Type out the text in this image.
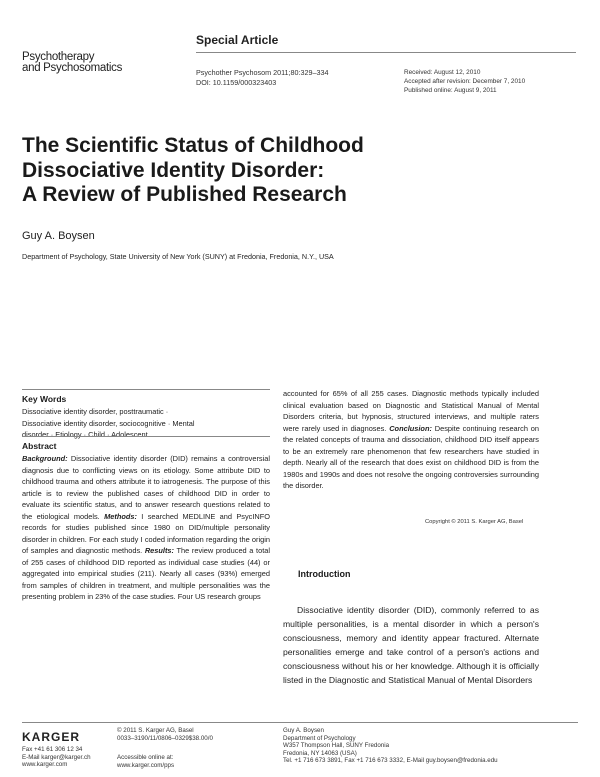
Psychotherapy
and Psychosomatics
Special Article
Psychother Psychosom 2011;80:329–334
DOI: 10.1159/000323403
Received: August 12, 2010
Accepted after revision: December 7, 2010
Published online: August 9, 2011
The Scientific Status of Childhood
Dissociative Identity Disorder:
A Review of Published Research
Guy A. Boysen
Department of Psychology, State University of New York (SUNY) at Fredonia, Fredonia, N.Y., USA
Key Words
Dissociative identity disorder, posttraumatic ·
Dissociative identity disorder, sociocognitive · Mental
disorder · Etiology · Child · Adolescent
Abstract
Background: Dissociative identity disorder (DID) remains a controversial diagnosis due to conflicting views on its etiology. Some attribute DID to childhood trauma and others attribute it to iatrogenesis. The purpose of this article is to review the published cases of childhood DID in order to evaluate its scientific status, and to answer research questions related to the etiological models. Methods: I searched MEDLINE and PsycINFO records for studies published since 1980 on DID/multiple personality disorder in children. For each study I coded information regarding the origin of samples and diagnostic methods. Results: The review produced a total of 255 cases of childhood DID reported as individual case studies (44) or aggregated into empirical studies (211). Nearly all cases (93%) emerged from samples of children in treatment, and multiple personalities was the presenting problem in 23% of the case studies. Four US research groups
accounted for 65% of all 255 cases. Diagnostic methods typically included clinical evaluation based on Diagnostic and Statistical Manual of Mental Disorders criteria, but hypnosis, structured interviews, and multiple raters were rarely used in diagnoses. Conclusion: Despite continuing research on the related concepts of trauma and dissociation, childhood DID itself appears to be an extremely rare phenomenon that few researchers have studied in depth. Nearly all of the research that does exist on childhood DID is from the 1980s and 1990s and does not resolve the ongoing controversies surrounding the disorder.
Copyright © 2011 S. Karger AG, Basel
Introduction
Dissociative identity disorder (DID), commonly referred to as multiple personalities, is a mental disorder in which a person's consciousness, memory and identity appear fractured. Alternate personalities emerge and take control of a person's actions and consciousness without his or her knowledge. Although it is officially listed in the Diagnostic and Statistical Manual of Mental Disorders
KARGER
Fax +41 61 306 12 34
E-Mail karger@karger.ch
www.karger.com
© 2011 S. Karger AG, Basel
0033–3190/11/0806–0329$38.00/0
Accessible online at:
www.karger.com/pps
Guy A. Boysen
Department of Psychology
W357 Thompson Hall, SUNY Fredonia
Fredonia, NY 14063 (USA)
Tel. +1 716 673 3891, Fax +1 716 673 3332, E-Mail guy.boysen@fredonia.edu
